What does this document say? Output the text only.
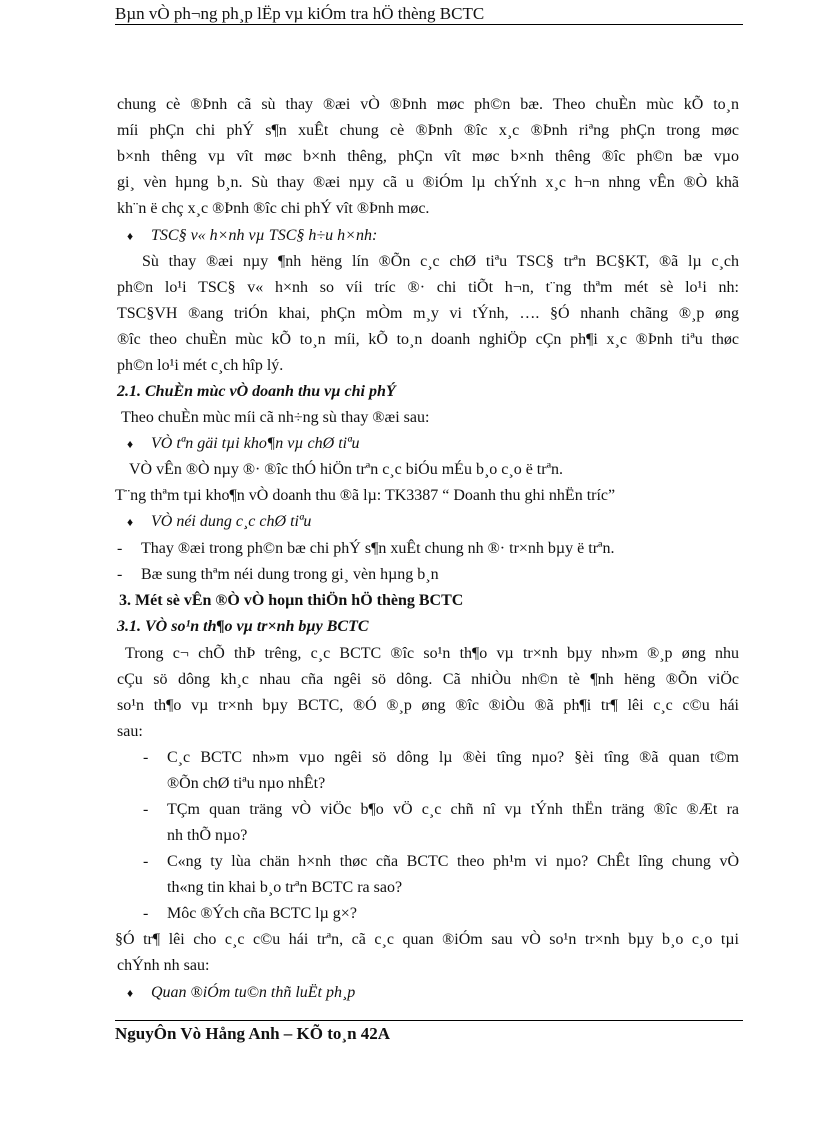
Bµn vÒ ph¬ng ph¸p lËp vµ kiÓm tra hÖ thèng BCTC
chung cè ®Þnh cã sù thay ®æi vÒ ®Þnh møc ph©n bæ. Theo chuÈn mùc kÕ to¸n
míi phÇn chi phÝ s¶n xuÊt chung cè ®Þnh ®îc x¸c ®Þnh riªng phÇn trong møc
b×nh thêng vµ vît møc b×nh thêng, phÇn vît møc b×nh thêng ®îc ph©n bæ vµo
gi¸ vèn hµng b¸n. Sù thay ®æi nµy cã u ®iÓm lµ chÝnh x¸c h¬n nhng vÊn ®Ò khã
kh¨n ë chç x¸c ®Þnh ®îc chi phÝ vît ®Þnh møc.
♦ TSC§ v« h×nh vµ TSC§ h÷u h×nh:
Sù thay ®æi nµy ¶nh hëng lín ®Õn c¸c chØ tiªu TSC§ trªn BC§KT, ®ã lµ c¸ch
ph©n lo¹i TSC§ v« h×nh so víi tríc ®· chi tiÕt h¬n, t¨ng thªm mét sè lo¹i nh:
TSC§VH ®ang triÓn khai, phÇn mÒm m¸y vi tÝnh, …. §Ó nhanh chãng ®¸p øng
®îc theo chuÈn mùc kÕ to¸n míi, kÕ to¸n doanh nghiÖp cÇn ph¶i x¸c ®Þnh tiªu thøc
ph©n lo¹i mét c¸ch hîp lý.
2.1. ChuÈn mùc vÒ doanh thu vµ chi phÝ
Theo chuÈn mùc míi cã nh÷ng sù thay ®æi sau:
♦ VÒ tªn gäi tµi kho¶n vµ chØ tiªu
VÒ vÊn ®Ò nµy ®· ®îc thÓ hiÖn trªn c¸c biÓu mÉu b¸o c¸o ë trªn.
T¨ng thªm tµi kho¶n vÒ doanh thu ®ã lµ: TK3387 “ Doanh thu ghi nhËn tríc”
♦ VÒ néi dung c¸c chØ tiªu
- Thay ®æi trong ph©n bæ chi phÝ s¶n xuÊt chung nh ®· tr×nh bµy ë trªn.
- Bæ sung thªm néi dung trong gi¸ vèn hµng b¸n
3. Mét sè vÊn ®Ò vÒ hoµn thiÖn hÖ thèng BCTC
3.1. VÒ so¹n th¶o vµ tr×nh bµy BCTC
Trong c¬ chÕ thÞ trêng, c¸c BCTC ®îc so¹n th¶o vµ tr×nh bµy nh»m ®¸p øng nhu
cÇu sö dông kh¸c nhau cña ngêi sö dông. Cã nhiÒu nh©n tè ¶nh hëng ®Õn viÖc
so¹n th¶o vµ tr×nh bµy BCTC, ®Ó ®¸p øng ®îc ®iÒu ®ã ph¶i tr¶ lêi c¸c c©u hái
sau:
- C¸c BCTC nh»m vµo ngêi sö dông lµ ®èi tîng nµo? §èi tîng ®ã quan t©m
®Õn chØ tiªu nµo nhÊt?
- TÇm quan träng vÒ viÖc b¶o vÖ c¸c chñ nî vµ tÝnh thËn träng ®îc ®Æt ra
nh thÕ nµo?
- C«ng ty lùa chän h×nh thøc cña BCTC theo ph¹m vi nµo? ChÊt lîng chung vÒ
th«ng tin khai b¸o trªn BCTC ra sao?
- Môc ®Ých cña BCTC lµ g×?
§Ó tr¶ lêi cho c¸c c©u hái trªn, cã c¸c quan ®iÓm sau vÒ so¹n tr×nh bµy b¸o c¸o tµi
chÝnh nh sau:
♦ Quan ®iÓm tu©n thñ luËt ph¸p
NguyÔn Vò Hång Anh – KÕ to¸n 42A
